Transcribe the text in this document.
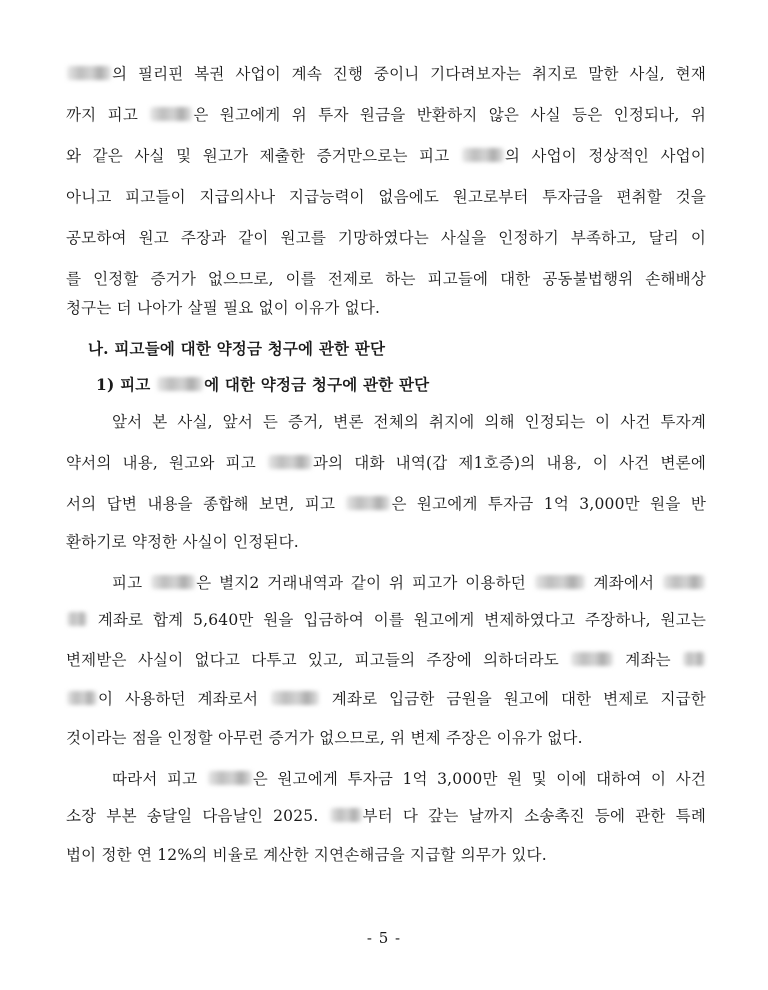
의 필리핀 복권 사업이 계속 진행 중이니 기다려보자는 취지로 말한 사실, 현재
까지 피고	은 원고에게 위 투자 원금을 반환하지 않은 사실 등은 인정되나, 위
와 같은 사실 및 원고가 제출한 증거만으로는 피고	의 사업이 정상적인 사업이
아니고 피고들이 지급의사나 지급능력이 없음에도 원고로부터 투자금을 편취할 것을
공모하여 원고 주장과 같이 원고를 기망하였다는 사실을 인정하기 부족하고, 달리 이
를 인정할 증거가 없으므로, 이를 전제로 하는 피고들에 대한 공동불법행위 손해배상
청구는 더 나아가 살필 필요 없이 이유가 없다.
나. 피고들에 대한 약정금 청구에 관한 판단
1) 피고	에 대한 약정금 청구에 관한 판단
앞서 본 사실, 앞서 든 증거, 변론 전체의 취지에 의해 인정되는 이 사건 투자계
약서의 내용, 원고와 피고	과의 대화 내역(갑 제1호증)의 내용, 이 사건 변론에
서의 답변 내용을 종합해 보면, 피고	은 원고에게 투자금 1억 3,000만 원을 반
환하기로 약정한 사실이 인정된다.
피고	은 별지2 거래내역과 같이 위 피고가 이용하던	계좌에서
계좌로 합계 5,640만 원을 입금하여 이를 원고에게 변제하였다고 주장하나, 원고는
변제받은 사실이 없다고 다투고 있고, 피고들의 주장에 의하더라도	계좌는
이 사용하던 계좌로서	계좌로 입금한 금원을 원고에 대한 변제로 지급한
것이라는 점을 인정할 아무런 증거가 없으므로, 위 변제 주장은 이유가 없다.
따라서 피고	은 원고에게 투자금 1억 3,000만 원 및 이에 대하여 이 사건
소장 부본 송달일 다음날인 2025. 부터 다 갚는 날까지 소송촉진 등에 관한 특례
법이 정한 연 12%의 비율로 계산한 지연손해금을 지급할 의무가 있다.
- 5 -
